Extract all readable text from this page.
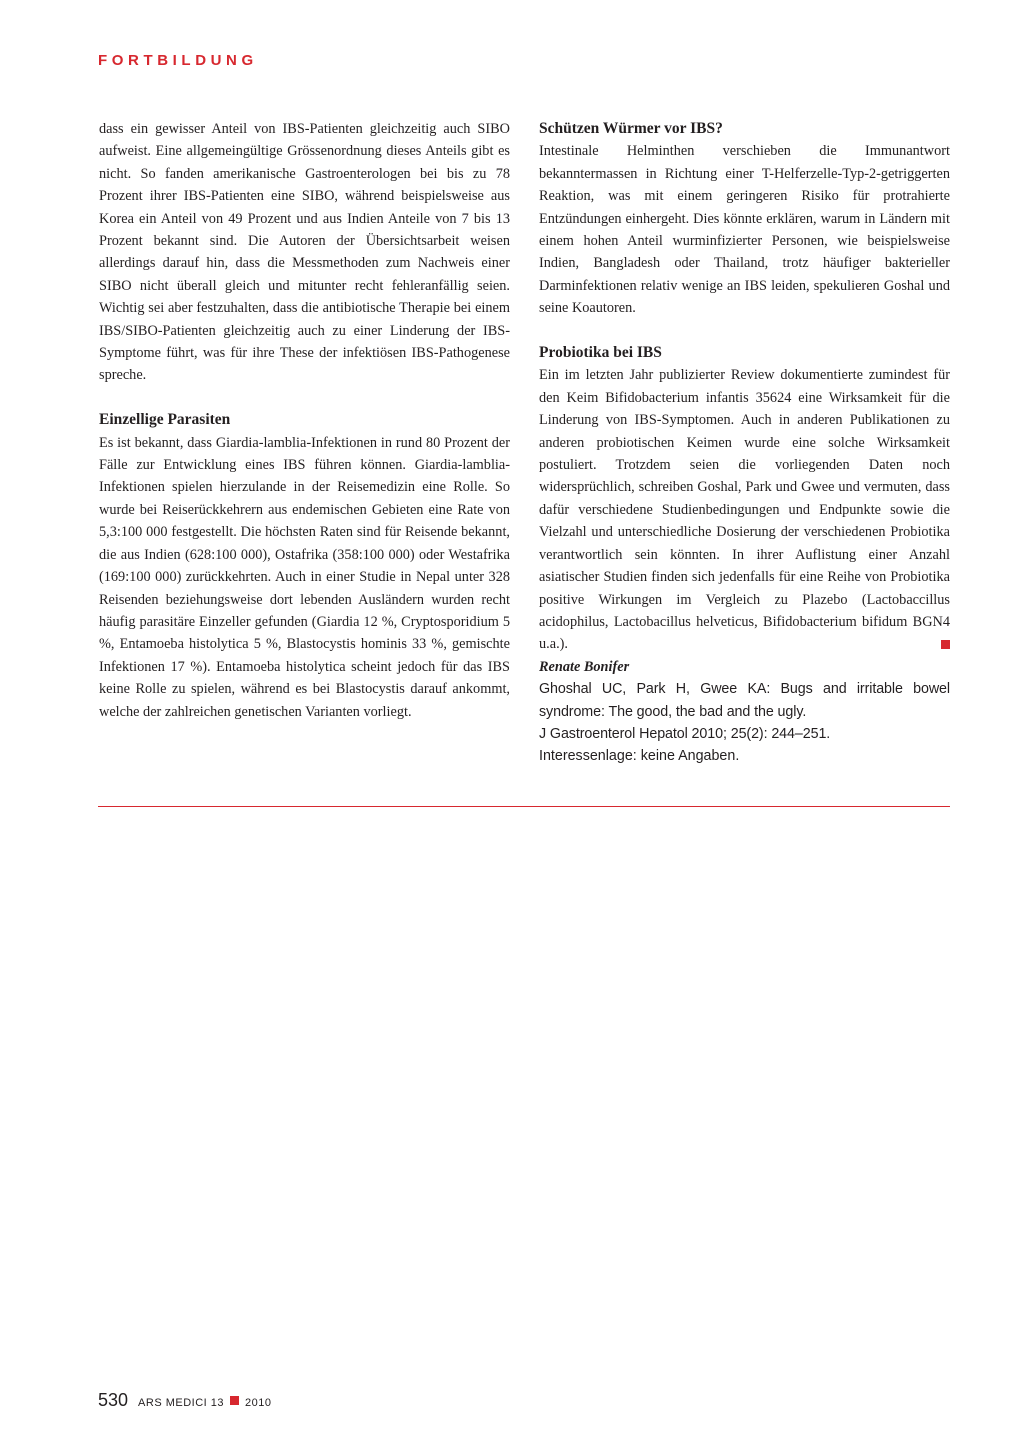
FORTBILDUNG

dass ein gewisser Anteil von IBS-Patienten gleichzeitig auch SIBO aufweist. Eine allgemeingültige Grössenordnung dieses Anteils gibt es nicht. So fanden amerikanische Gastroenterologen bei bis zu 78 Prozent ihrer IBS-Patienten eine SIBO, während beispielsweise aus Korea ein Anteil von 49 Prozent und aus Indien Anteile von 7 bis 13 Prozent bekannt sind. Die Autoren der Übersichtsarbeit weisen allerdings darauf hin, dass die Messmethoden zum Nachweis einer SIBO nicht überall gleich und mitunter recht fehleranfällig seien. Wichtig sei aber festzuhalten, dass die antibiotische Therapie bei einem IBS/SIBO-Patienten gleichzeitig auch zu einer Linderung der IBS-Symptome führt, was für ihre These der infektiösen IBS-Pathogenese spreche.

Einzellige Parasiten

Es ist bekannt, dass Giardia-lamblia-Infektionen in rund 80 Prozent der Fälle zur Entwicklung eines IBS führen können. Giardia-lamblia-Infektionen spielen hierzulande in der Reisemedizin eine Rolle. So wurde bei Reiserückkehrern aus endemischen Gebieten eine Rate von 5,3:100 000 festgestellt. Die höchsten Raten sind für Reisende bekannt, die aus Indien (628:100 000), Ostafrika (358:100 000) oder Westafrika (169:100 000) zurückkehrten. Auch in einer Studie in Nepal unter 328 Reisenden beziehungsweise dort lebenden Ausländern wurden recht häufig parasitäre Einzeller gefunden (Giardia 12 %, Cryptosporidium 5 %, Entamoeba histolytica 5 %, Blastocystis hominis 33 %, gemischte Infektionen 17 %). Entamoeba histolytica scheint jedoch für das IBS keine Rolle zu spielen, während es bei Blastocystis darauf ankommt, welche der zahlreichen genetischen Varianten vorliegt.

Schützen Würmer vor IBS?

Intestinale Helminthen verschieben die Immunantwort bekanntermassen in Richtung einer T-Helferzelle-Typ-2-getriggerten Reaktion, was mit einem geringeren Risiko für protrahierte Entzündungen einhergeht. Dies könnte erklären, warum in Ländern mit einem hohen Anteil wurminfizierter Personen, wie beispielsweise Indien, Bangladesh oder Thailand, trotz häufiger bakterieller Darminfektionen relativ wenige an IBS leiden, spekulieren Goshal und seine Koautoren.

Probiotika bei IBS

Ein im letzten Jahr publizierter Review dokumentierte zumindest für den Keim Bifidobacterium infantis 35624 eine Wirksamkeit für die Linderung von IBS-Symptomen. Auch in anderen Publikationen zu anderen probiotischen Keimen wurde eine solche Wirksamkeit postuliert. Trotzdem seien die vorliegenden Daten noch widersprüchlich, schreiben Goshal, Park und Gwee und vermuten, dass dafür verschiedene Studienbedingungen und Endpunkte sowie die Vielzahl und unterschiedliche Dosierung der verschiedenen Probiotika verantwortlich sein könnten. In ihrer Auflistung einer Anzahl asiatischer Studien finden sich jedenfalls für eine Reihe von Probiotika positive Wirkungen im Vergleich zu Plazebo (Lactobaccillus acidophilus, Lactobacillus helveticus, Bifidobacterium bifidum BGN4 u.a.).

Renate Bonifer

Ghoshal UC, Park H, Gwee KA: Bugs and irritable bowel syndrome: The good, the bad and the ugly.
J Gastroenterol Hepatol 2010; 25(2): 244–251.

Interessenlage: keine Angaben.

530 ARS MEDICI 13 2010
